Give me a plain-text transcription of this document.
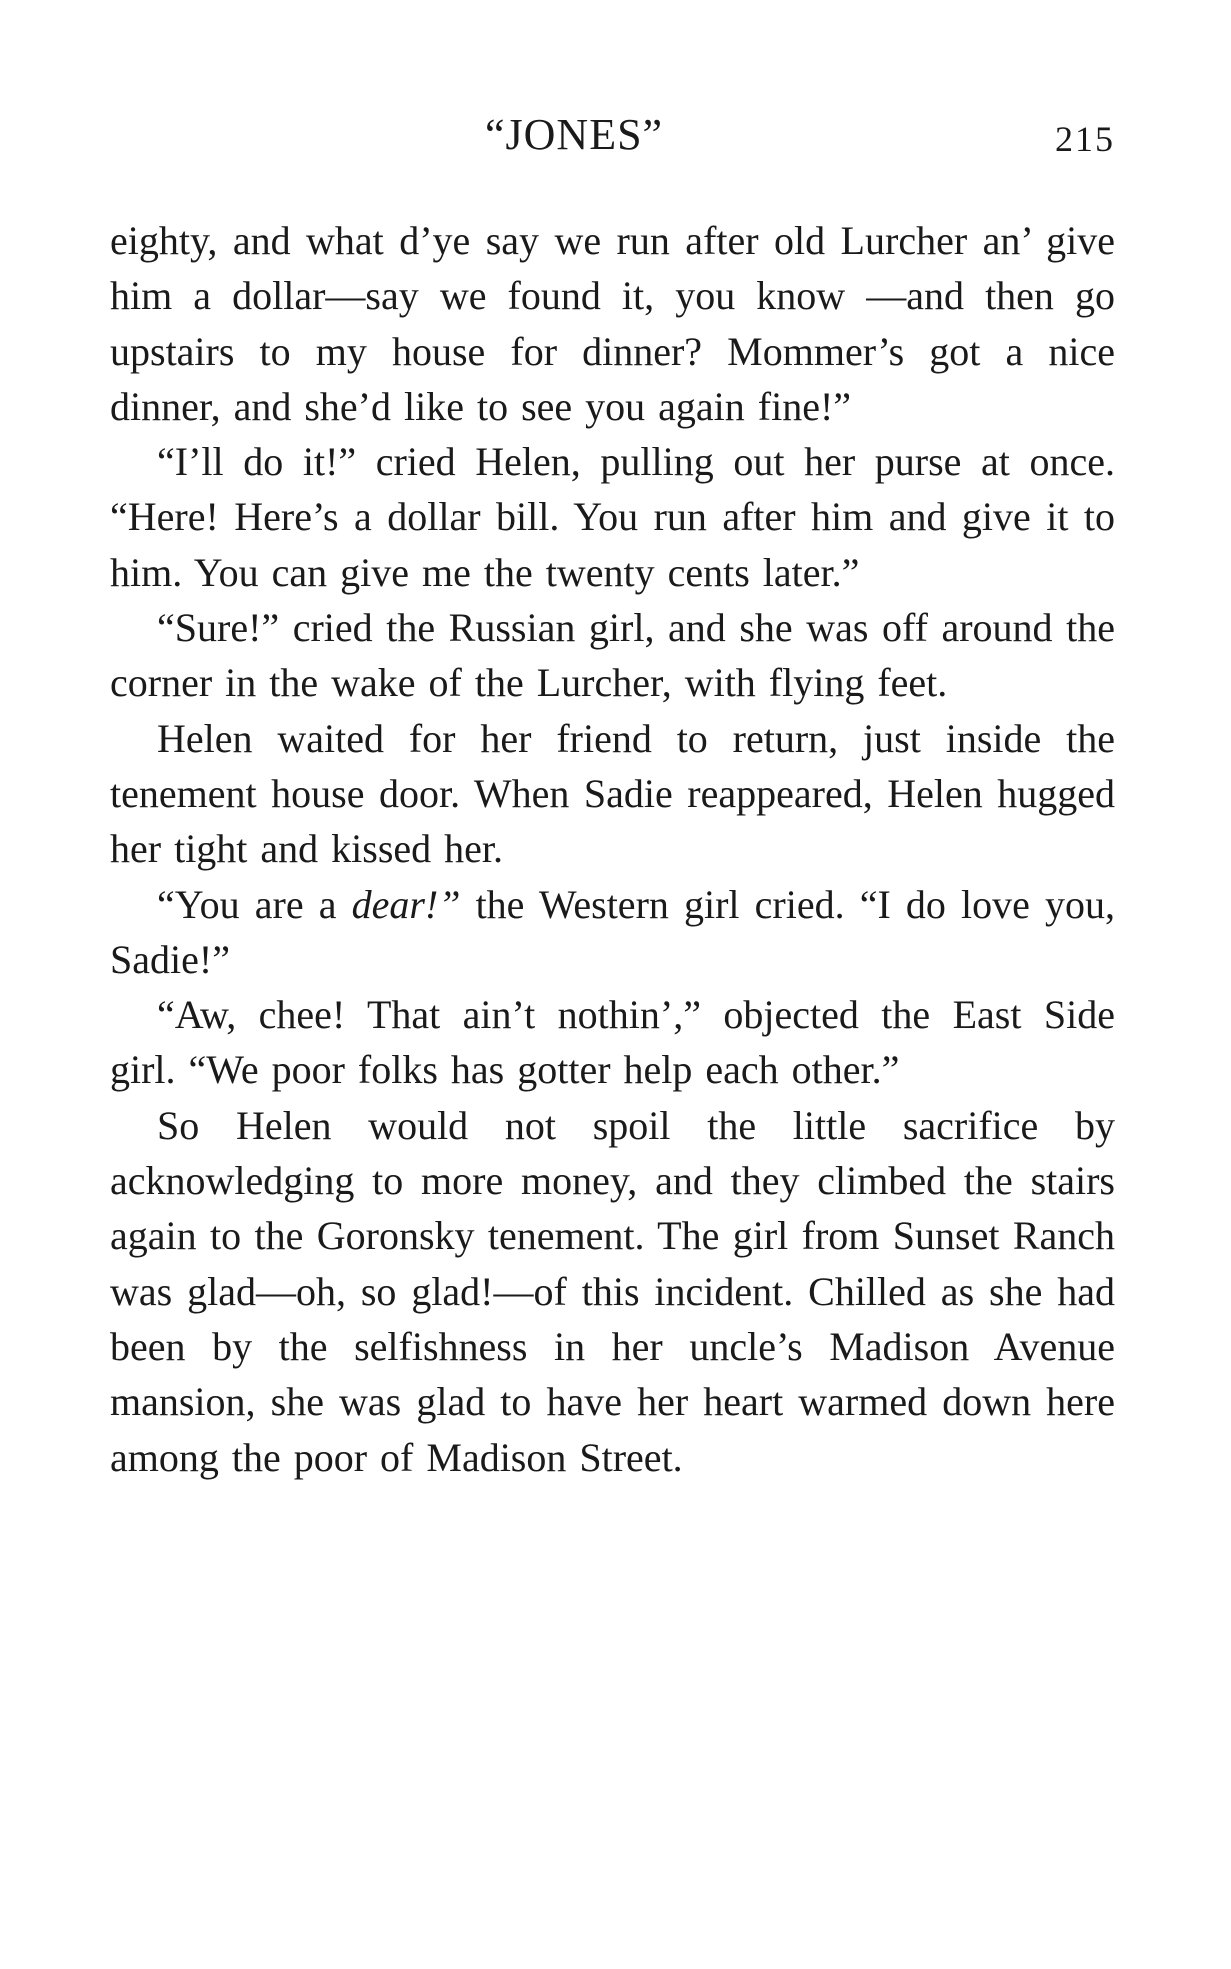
“JONES”	215

eighty, and what d’ye say we run after old Lurcher an’ give him a dollar—say we found it, you know —and then go upstairs to my house for dinner? Mommer’s got a nice dinner, and she’d like to see you again fine!”

“I’ll do it!” cried Helen, pulling out her purse at once. “Here! Here’s a dollar bill. You run after him and give it to him. You can give me the twenty cents later.”

“Sure!” cried the Russian girl, and she was off around the corner in the wake of the Lurcher, with flying feet.

Helen waited for her friend to return, just inside the tenement house door. When Sadie reappeared, Helen hugged her tight and kissed her.

“You are a dear!” the Western girl cried. “I do love you, Sadie!”

“Aw, chee! That ain’t nothin’,” objected the East Side girl. “We poor folks has gotter help each other.”

So Helen would not spoil the little sacrifice by acknowledging to more money, and they climbed the stairs again to the Goronsky tenement. The girl from Sunset Ranch was glad—oh, so glad!—of this incident. Chilled as she had been by the selfishness in her uncle’s Madison Avenue mansion, she was glad to have her heart warmed down here among the poor of Madison Street.
